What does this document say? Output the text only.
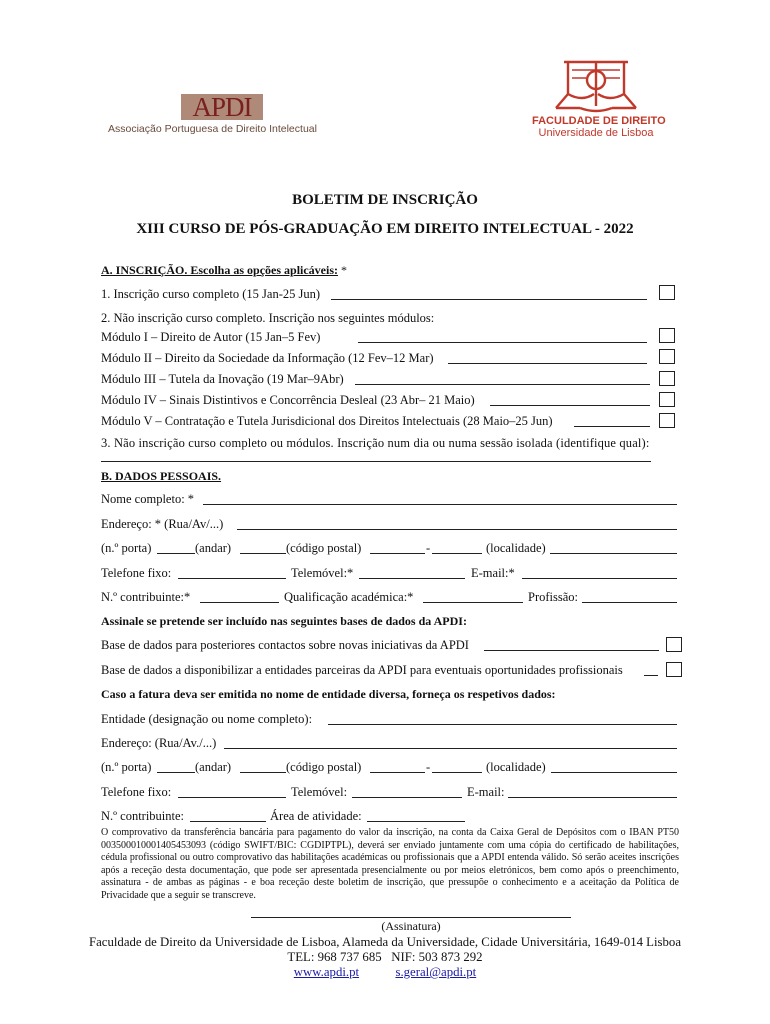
APDI
Associação Portuguesa de Direito Intelectual
FACULDADE DE DIREITO
Universidade de Lisboa
BOLETIM DE INSCRIÇÃO
XIII CURSO DE PÓS-GRADUAÇÃO EM DIREITO INTELECTUAL - 2022
A. INSCRIÇÃO. Escolha as opções aplicáveis: *
1. Inscrição curso completo (15 Jan-25 Jun)
2. Não inscrição curso completo. Inscrição nos seguintes módulos:
Módulo I – Direito de Autor (15 Jan–5 Fev)
Módulo II – Direito da Sociedade da Informação (12 Fev–12 Mar)
Módulo III – Tutela da Inovação (19 Mar–9Abr)
Módulo IV – Sinais Distintivos e Concorrência Desleal (23 Abr– 21 Maio)
Módulo V – Contratação e Tutela Jurisdicional dos Direitos Intelectuais (28 Maio–25 Jun)
3. Não inscrição curso completo ou módulos. Inscrição num dia ou numa sessão isolada (identifique qual):
B. DADOS PESSOAIS.
Nome completo: *
Endereço: * (Rua/Av/...)
(n.º porta)	(andar)	(código postal)	-	(localidade)
Telefone fixo:	Telemóvel:*	E-mail:*
N.º contribuinte:*	Qualificação académica:*	Profissão:
Assinale se pretende ser incluído nas seguintes bases de dados da APDI:
Base de dados para posteriores contactos sobre novas iniciativas da APDI
Base de dados a disponibilizar a entidades parceiras da APDI para eventuais oportunidades profissionais
Caso a fatura deva ser emitida no nome de entidade diversa, forneça os respetivos dados:
Entidade (designação ou nome completo):
Endereço: (Rua/Av./...)
(n.º porta)	(andar)	(código postal)	-	(localidade)
Telefone fixo:	Telemóvel:	E-mail:
N.º contribuinte:	Área de atividade:
O comprovativo da transferência bancária para pagamento do valor da inscrição, na conta da Caixa Geral de Depósitos com o IBAN PT50 003500010001405453093 (código SWIFT/BIC: CGDIPTPL), deverá ser enviado juntamente com uma cópia do certificado de habilitações, cédula profissional ou outro comprovativo das habilitações académicas ou profissionais que a APDI entenda válido. Só serão aceites inscrições após a receção desta documentação, que pode ser apresentada presencialmente ou por meios eletrónicos, bem como após o preenchimento, assinatura - de ambas as páginas - e boa receção deste boletim de inscrição, que pressupõe o conhecimento e a aceitação da Política de Privacidade que a seguir se transcreve.
(Assinatura)
Faculdade de Direito da Universidade de Lisboa, Alameda da Universidade, Cidade Universitária, 1649-014 Lisboa
TEL: 968 737 685   NIF: 503 873 292
www.apdi.pt	s.geral@apdi.pt
